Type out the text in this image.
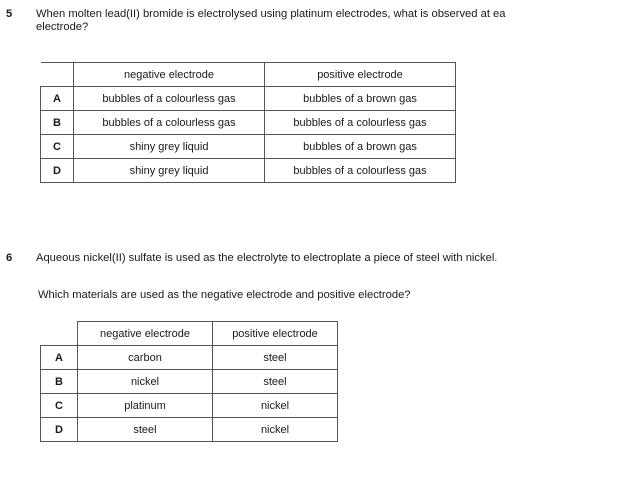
5 When molten lead(II) bromide is electrolysed using platinum electrodes, what is observed at ea
electrode?
	negative electrode	positive electrode
A	bubbles of a colourless gas	bubbles of a brown gas
B	bubbles of a colourless gas	bubbles of a colourless gas
C	shiny grey liquid	bubbles of a brown gas
D	shiny grey liquid	bubbles of a colourless gas
6 Aqueous nickel(II) sulfate is used as the electrolyte to electroplate a piece of steel with nickel.
Which materials are used as the negative electrode and positive electrode?
	negative electrode	positive electrode
A	carbon	steel
B	nickel	steel
C	platinum	nickel
D	steel	nickel
